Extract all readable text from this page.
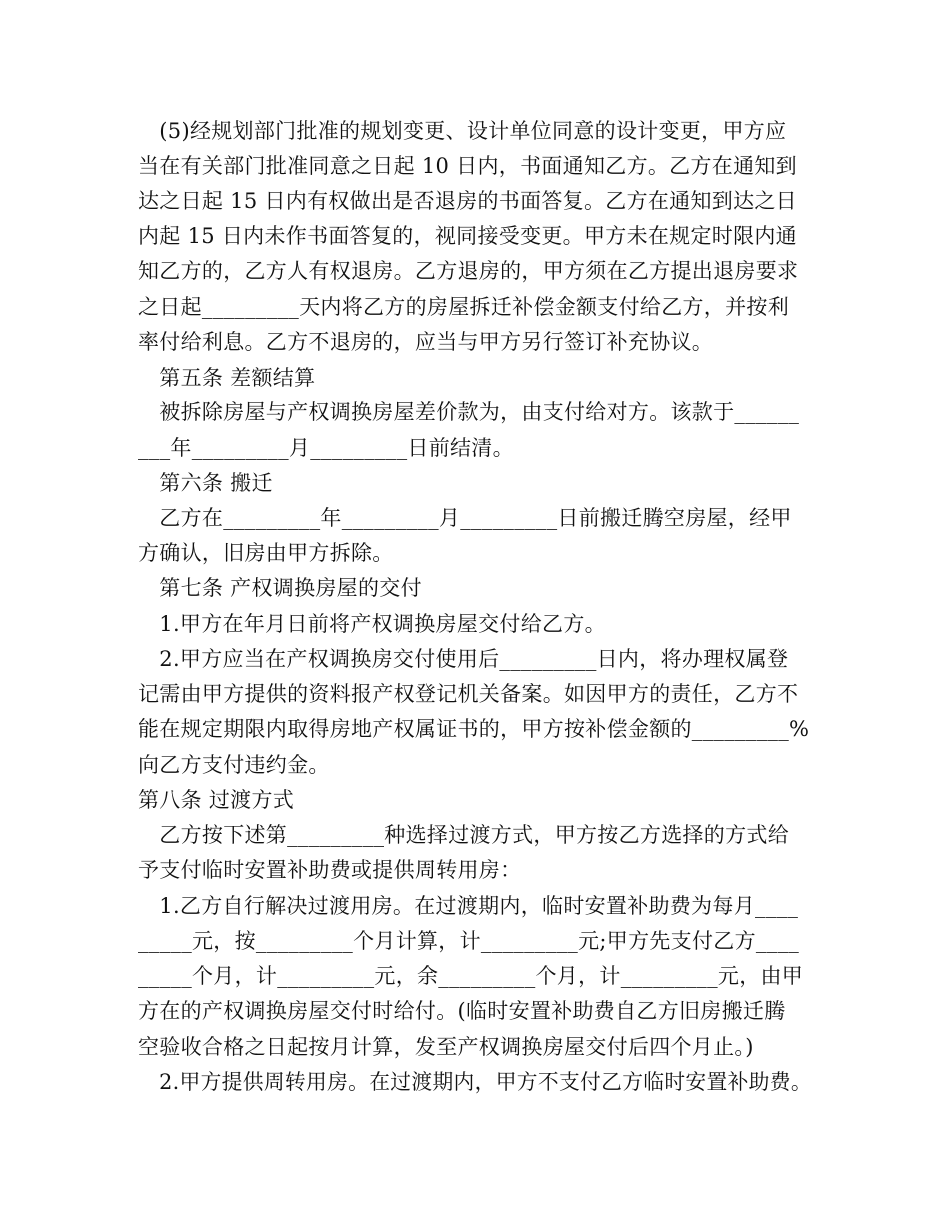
　(5)经规划部门批准的规划变更、设计单位同意的设计变更，甲方应
当在有关部门批准同意之日起 10 日内，书面通知乙方。乙方在通知到
达之日起 15 日内有权做出是否退房的书面答复。乙方在通知到达之日
内起 15 日内未作书面答复的，视同接受变更。甲方未在规定时限内通
知乙方的，乙方人有权退房。乙方退房的，甲方须在乙方提出退房要求
之日起_________天内将乙方的房屋拆迁补偿金额支付给乙方，并按利
率付给利息。乙方不退房的，应当与甲方另行签订补充协议。
　第五条 差额结算
　被拆除房屋与产权调换房屋差价款为，由支付给对方。该款于______
___年_________月_________日前结清。
　第六条 搬迁
　乙方在_________年_________月_________日前搬迁腾空房屋，经甲
方确认，旧房由甲方拆除。
　第七条 产权调换房屋的交付
　1.甲方在年月日前将产权调换房屋交付给乙方。
　2.甲方应当在产权调换房交付使用后_________日内，将办理权属登
记需由甲方提供的资料报产权登记机关备案。如因甲方的责任，乙方不
能在规定期限内取得房地产权属证书的，甲方按补偿金额的_________%
向乙方支付违约金。
第八条 过渡方式
　乙方按下述第_________种选择过渡方式，甲方按乙方选择的方式给
予支付临时安置补助费或提供周转用房：
　1.乙方自行解决过渡用房。在过渡期内，临时安置补助费为每月____
_____元，按_________个月计算，计_________元;甲方先支付乙方____
_____个月，计_________元，余_________个月，计_________元，由甲
方在的产权调换房屋交付时给付。(临时安置补助费自乙方旧房搬迁腾
空验收合格之日起按月计算，发至产权调换房屋交付后四个月止。)
　2.甲方提供周转用房。在过渡期内，甲方不支付乙方临时安置补助费。
